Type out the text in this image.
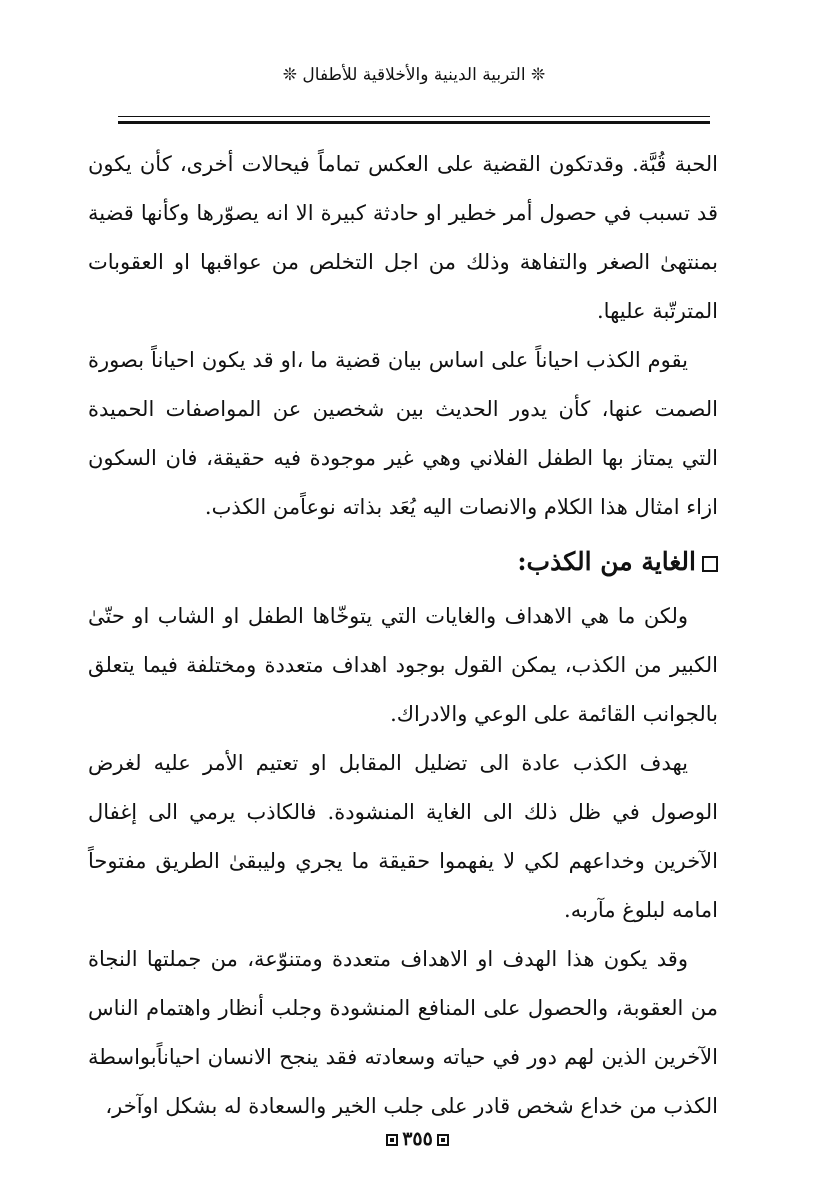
❊ التربية الدينية والأخلاقية للأطفال ❊

الحبة قُبَّة. وقدتكون القضية على العكس تماماً فيحالات أخرى، كأن يكون قد تسبب في حصول أمر خطير او حادثة كبيرة الا انه يصوّرها وكأنها قضية بمنتهىٰ الصغر والتفاهة وذلك من اجل التخلص من عواقبها او العقوبات المترتّبة عليها.

يقوم الكذب احياناً على اساس بيان قضية ما ،او قد يكون احياناً بصورة الصمت عنها، كأن يدور الحديث بين شخصين عن المواصفات الحميدة التي يمتاز بها الطفل الفلاني وهي غير موجودة فيه حقيقة، فان السكون ازاء امثال هذا الكلام والانصات اليه يُعَد بذاته نوعاًمن الكذب.

الغاية من الكذب:

ولكن ما هي الاهداف والغايات التي يتوخّاها الطفل او الشاب او حتّىٰ الكبير من الكذب، يمكن القول بوجود اهداف متعددة ومختلفة فيما يتعلق بالجوانب القائمة على الوعي والادراك.

يهدف الكذب عادة الى تضليل المقابل او تعتيم الأمر عليه لغرض الوصول في ظل ذلك الى الغاية المنشودة. فالكاذب يرمي الى إغفال الآخرين وخداعهم لكي لا يفهموا حقيقة ما يجري وليبقىٰ الطريق مفتوحاً امامه لبلوغ مآربه.

وقد يكون هذا الهدف او الاهداف متعددة ومتنوّعة، من جملتها النجاة من العقوبة، والحصول على المنافع المنشودة وجلب أنظار واهتمام الناس الآخرين الذين لهم دور في حياته وسعادته فقد ينجح الانسان احياناًبواسطة الكذب من خداع شخص قادر على جلب الخير والسعادة له بشكل اوآخر،

٣٥٥
